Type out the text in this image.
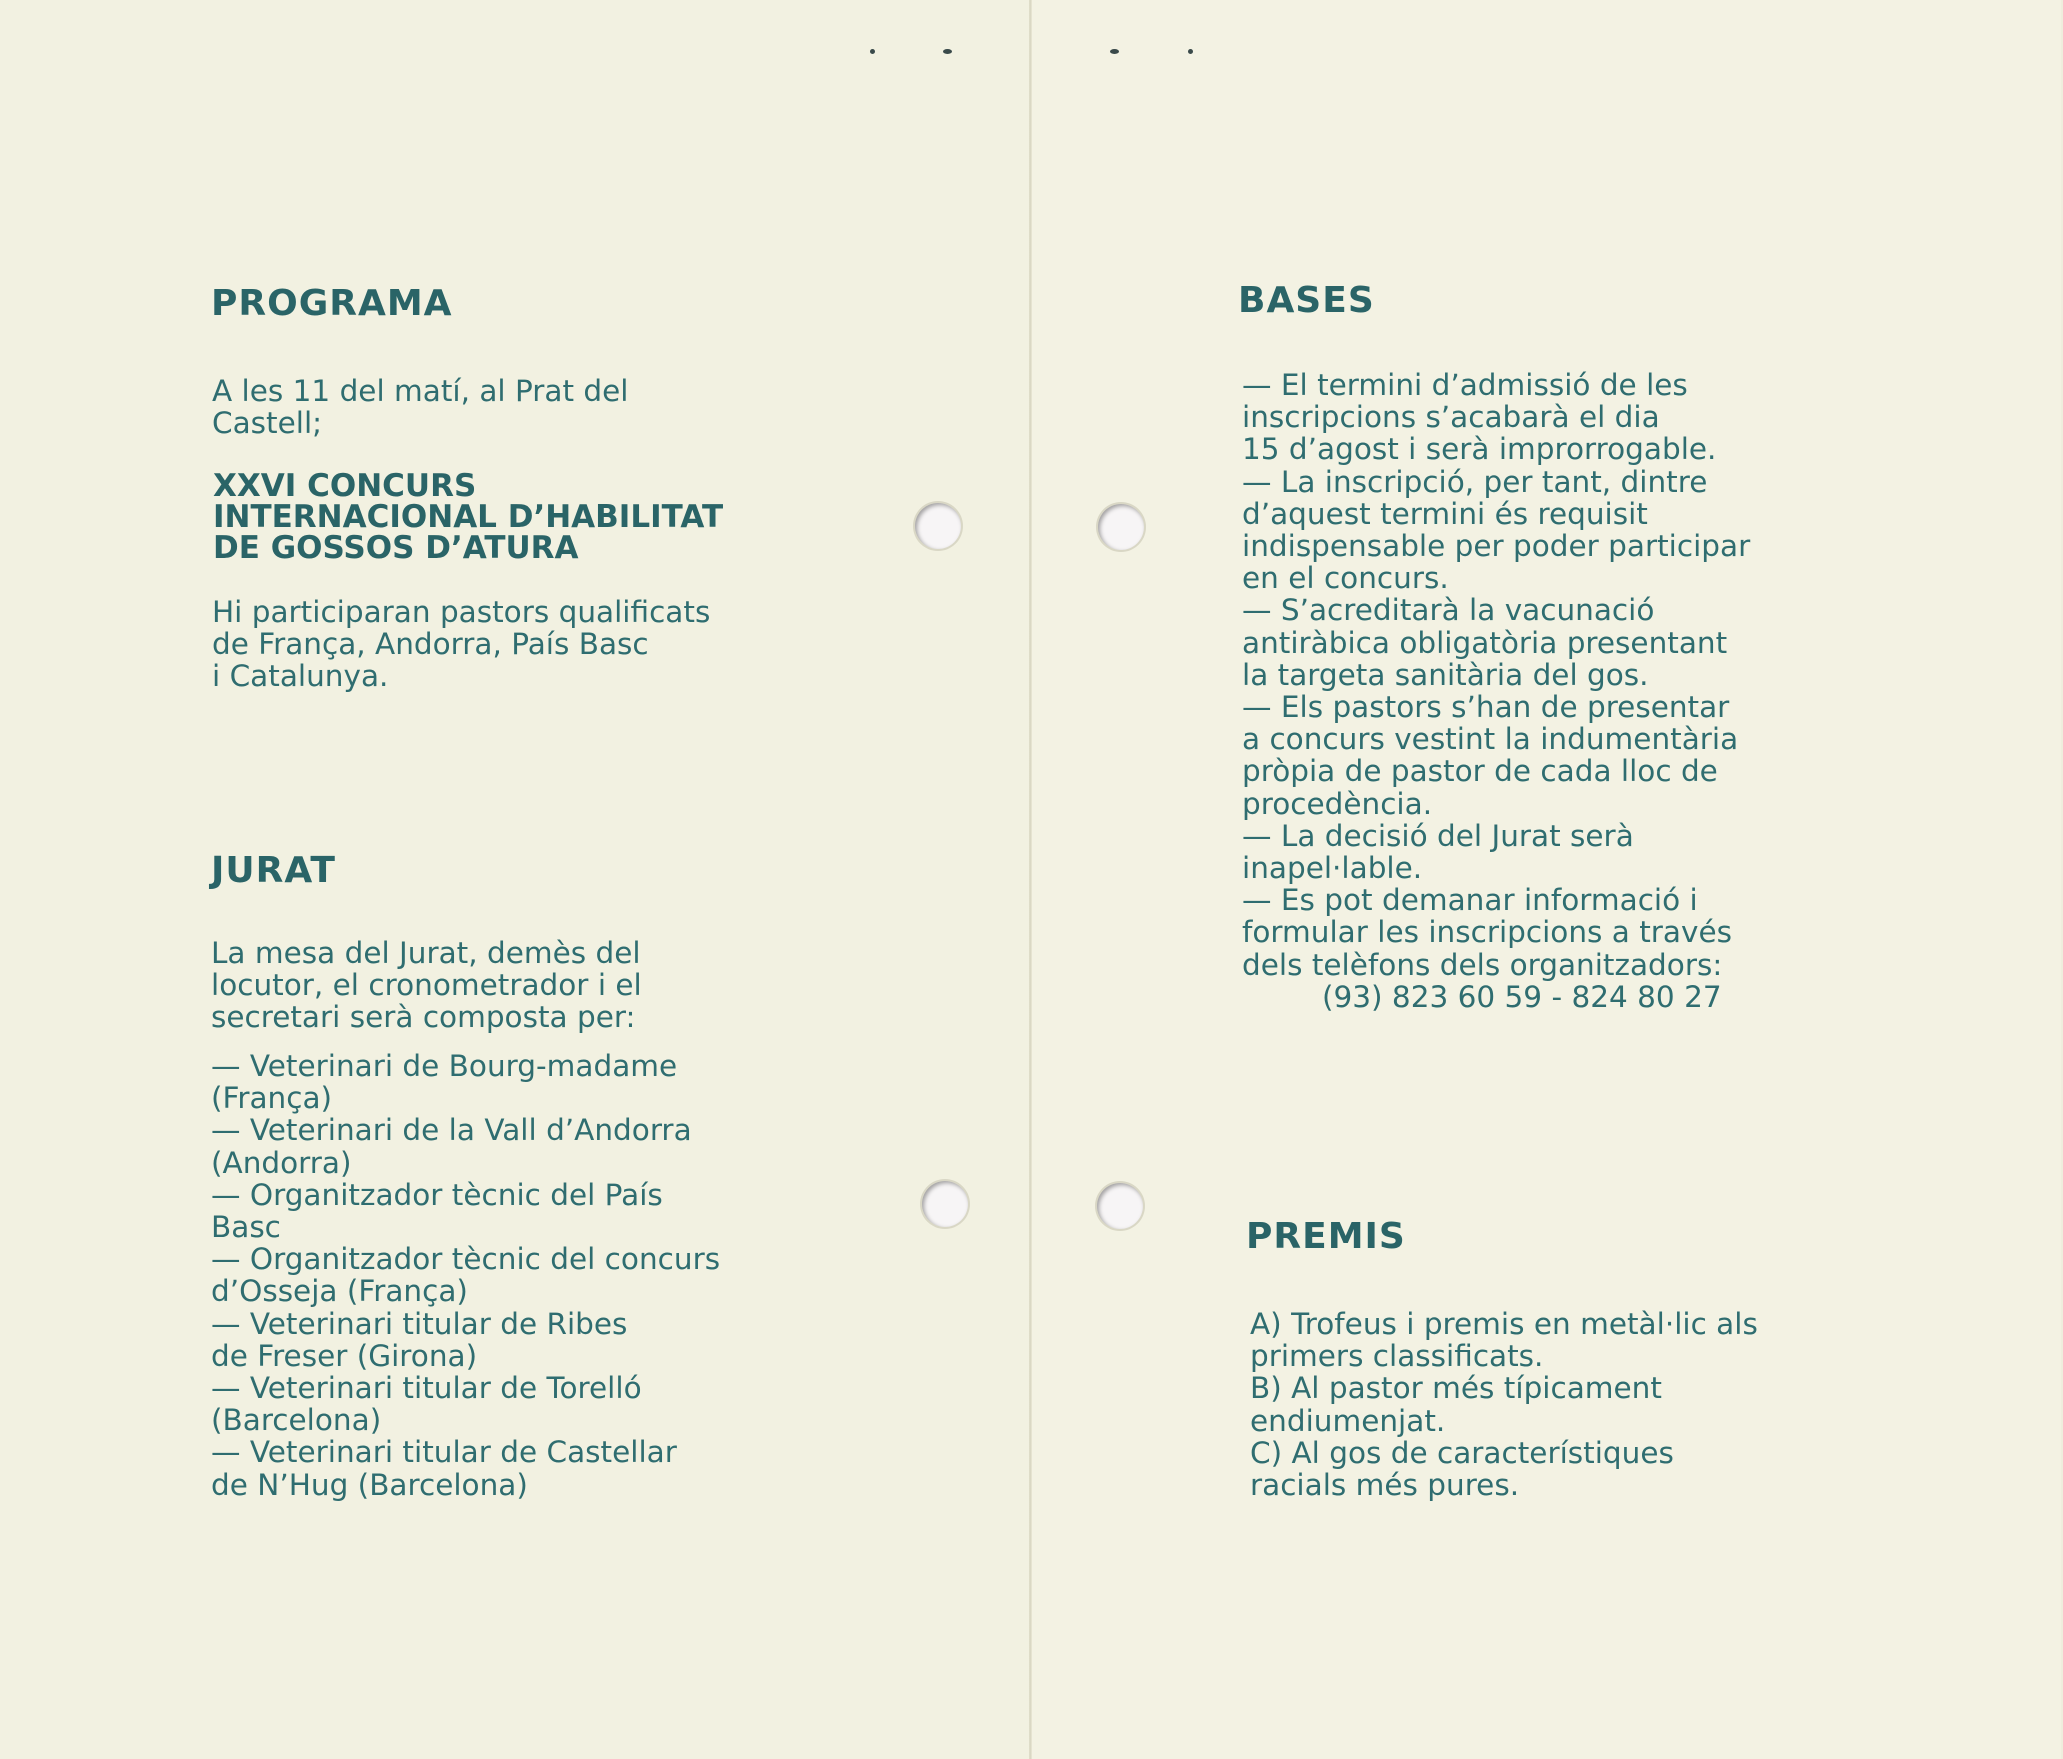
PROGRAMA
A les 11 del matí, al Prat del
Castell;
XXVI CONCURS
INTERNACIONAL D’HABILITAT
DE GOSSOS D’ATURA
Hi participaran pastors qualificats
de França, Andorra, País Basc
i Catalunya.
JURAT
La mesa del Jurat, demès del
locutor, el cronometrador i el
secretari serà composta per:
— Veterinari de Bourg-madame
(França)
— Veterinari de la Vall d’Andorra
(Andorra)
— Organitzador tècnic del País
Basc
— Organitzador tècnic del concurs
d’Osseja (França)
— Veterinari titular de Ribes
de Freser (Girona)
— Veterinari titular de Torelló
(Barcelona)
— Veterinari titular de Castellar
de N’Hug (Barcelona)
BASES
— El termini d’admissió de les
inscripcions s’acabarà el dia
15 d’agost i serà improrrogable.
— La inscripció, per tant, dintre
d’aquest termini és requisit
indispensable per poder participar
en el concurs.
— S’acreditarà la vacunació
antiràbica obligatòria presentant
la targeta sanitària del gos.
— Els pastors s’han de presentar
a concurs vestint la indumentària
pròpia de pastor de cada lloc de
procedència.
— La decisió del Jurat serà
inapel·lable.
— Es pot demanar informació i
formular les inscripcions a través
dels telèfons dels organitzadors:
(93) 823 60 59 - 824 80 27
PREMIS
A) Trofeus i premis en metàl·lic als
primers classificats.
B) Al pastor més típicament
endiumenjat.
C) Al gos de característiques
racials més pures.
